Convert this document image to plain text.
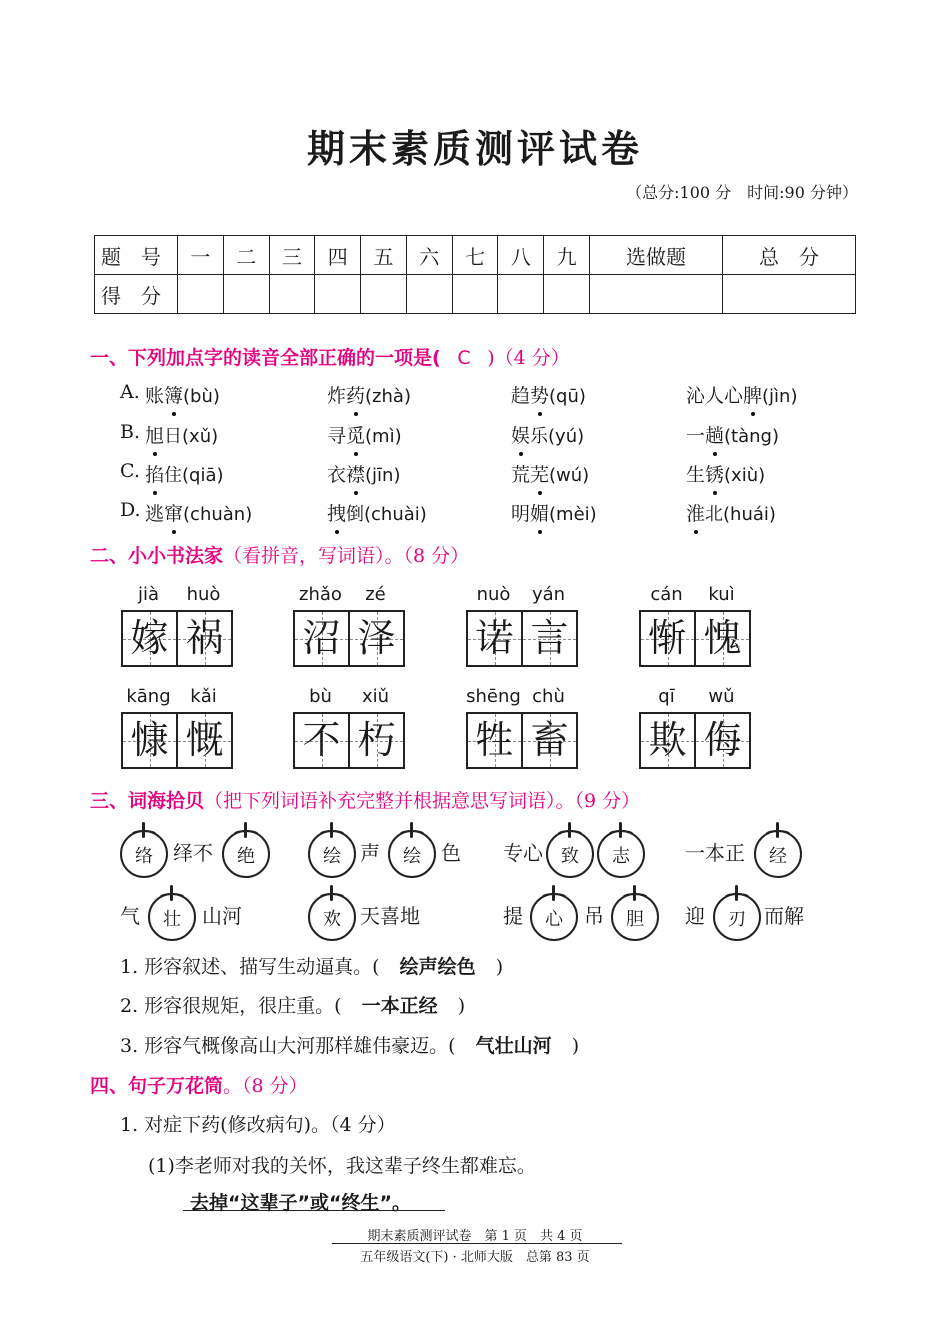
期末素质测评试卷
（总分:100 分　时间:90 分钟）
题　号	一	二	三	四	五	六	七	八	九	选做题	总　分
得　分											
一、下列加点字的读音全部正确的一项是( C )（4 分）
A. 账簿(bù)	炸药(zhà)	趋势(qū)	沁人心脾(jìn)
B. 旭日(xǔ)	寻觅(mì)	娱乐(yú)	一趟(tàng)
C. 掐住(qiā)	衣襟(jīn)	荒芜(wú)	生锈(xiù)
D. 逃窜(chuàn)	拽倒(chuài)	明媚(mèi)	淮北(huái)
二、小小书法家（看拼音，写词语）。（8 分）
jià	huò
嫁 祸
zhǎo	zé
沼 泽
nuò	yán
诺 言
cán	kuì
惭 愧
kāng	kǎi
慷 慨
bù	xiǔ
不 朽
shēng chù
牲 畜
qī	wǔ
欺 侮
三、词海拾贝（把下列词语补充完整并根据意思写词语）。（9 分）
络	绎不	绝	绘 声	绘	色 专心	致	志	一本正	经
气	壮	山河	欢 天喜地	提	心	吊	胆	迎	刃 而解
1. 形容叙述、描写生动逼真。( 绘声绘色 )
2. 形容很规矩，很庄重。( 一本正经 )
3. 形容气概像高山大河那样雄伟豪迈。( 气壮山河 )
四、句子万花筒。（8 分）
1. 对症下药(修改病句)。（4 分）
(1)李老师对我的关怀，我这辈子终生都难忘。
去掉“这辈子”或“终生”。
期末素质测评试卷　第 1 页　共 4 页
五年级语文(下) · 北师大版　总第 83 页
